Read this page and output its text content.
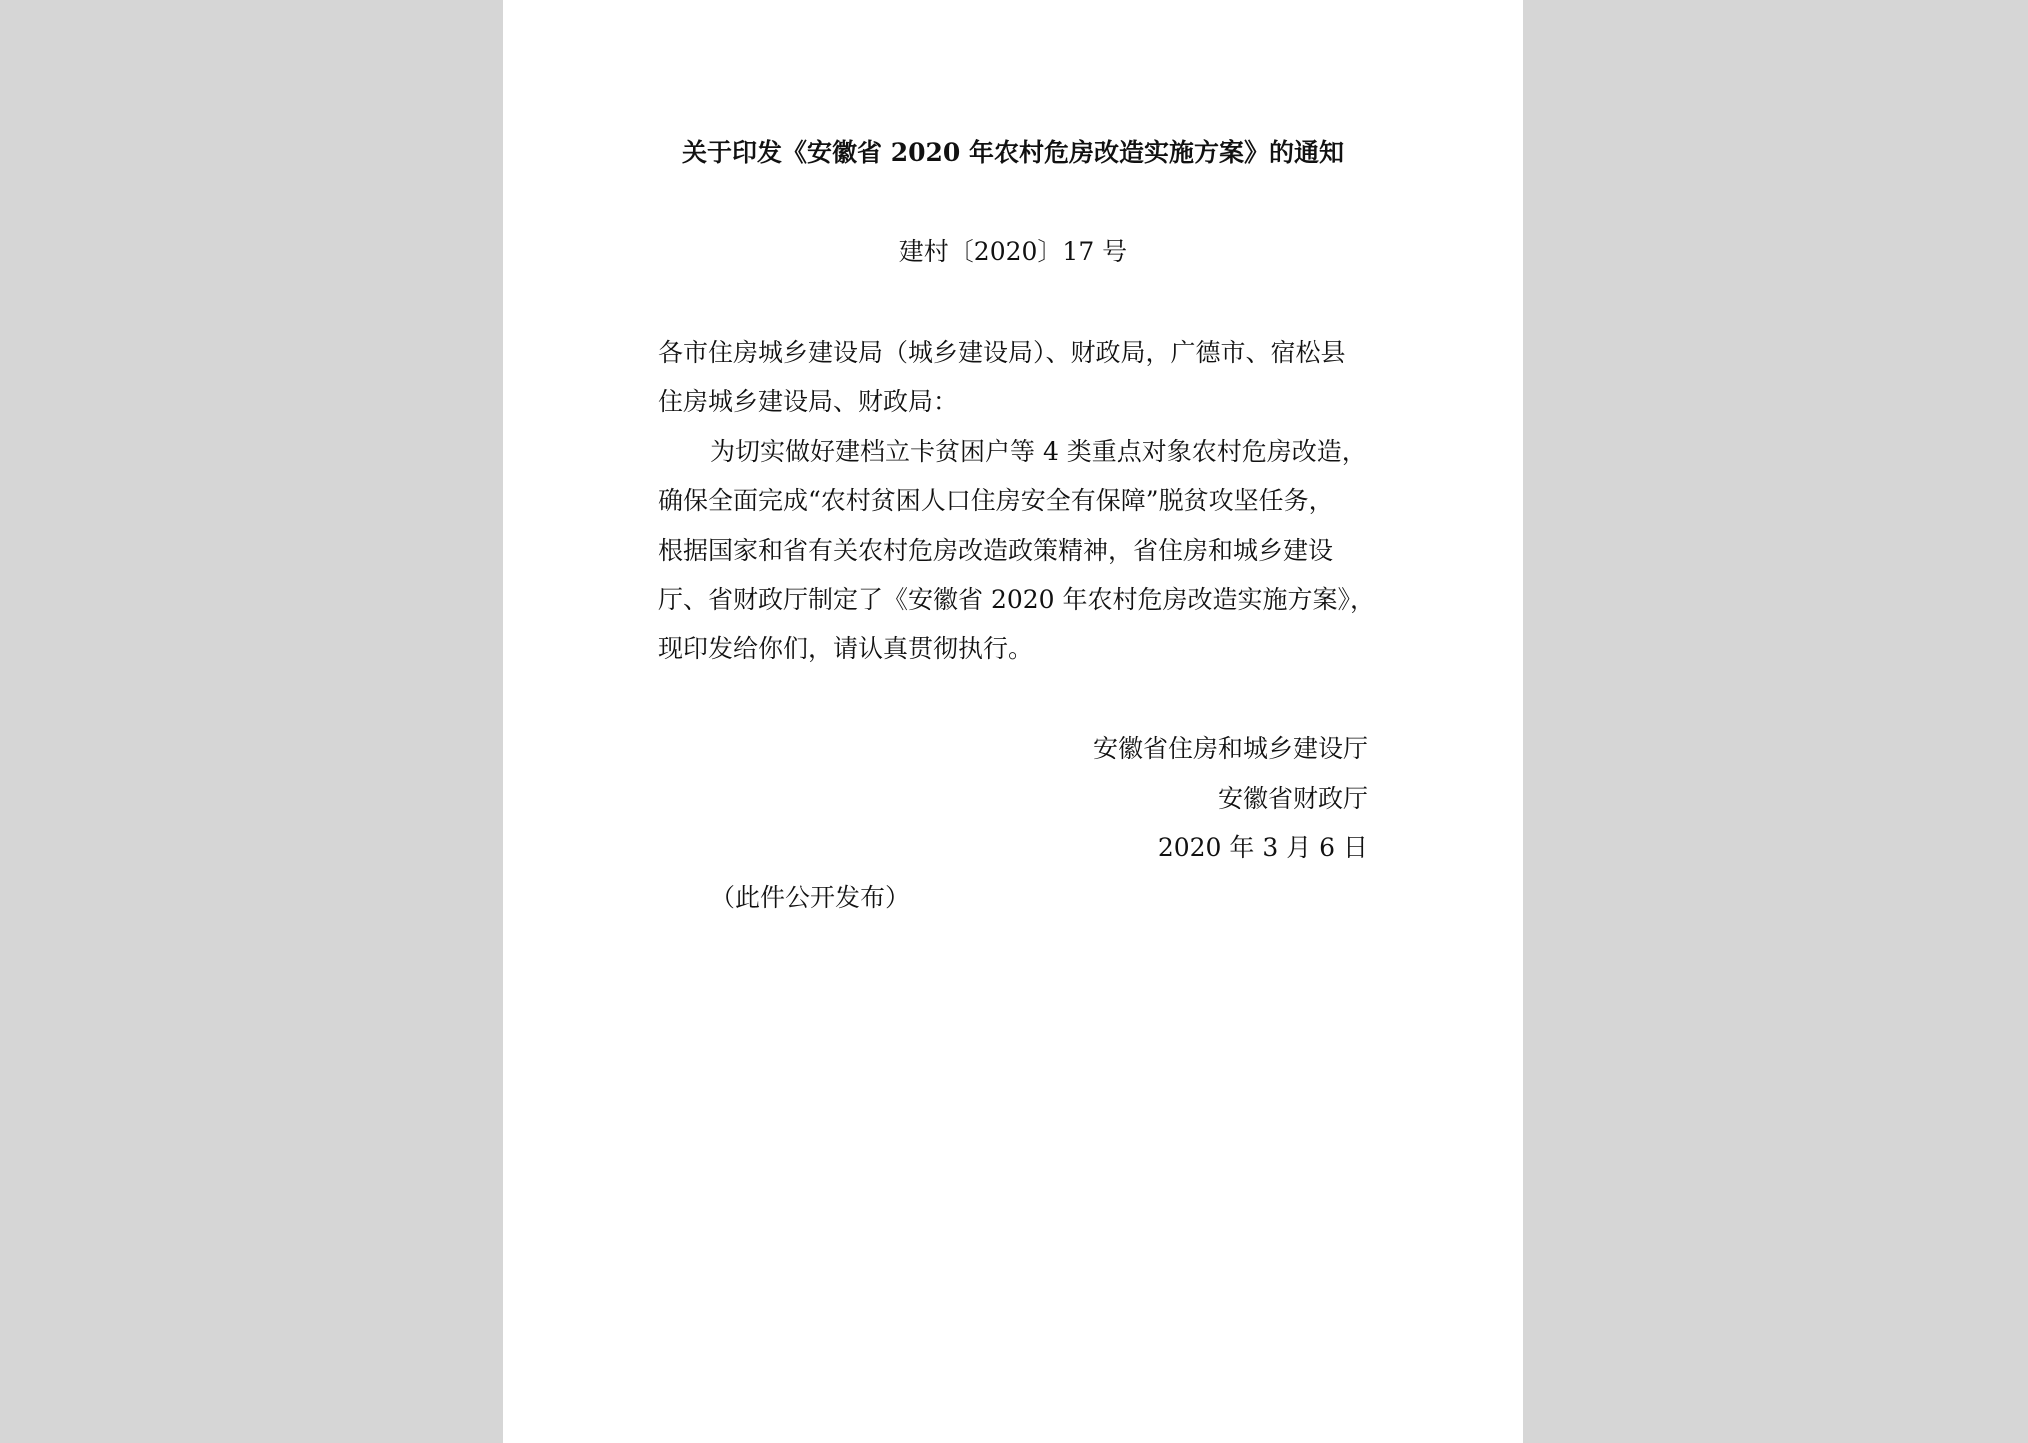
关于印发《安徽省 2020 年农村危房改造实施方案》的通知
建村〔2020〕17 号
各市住房城乡建设局（城乡建设局）、财政局，广德市、宿松县
住房城乡建设局、财政局：
为切实做好建档立卡贫困户等 4 类重点对象农村危房改造，
确保全面完成“农村贫困人口住房安全有保障”脱贫攻坚任务，
根据国家和省有关农村危房改造政策精神，省住房和城乡建设
厅、省财政厅制定了《安徽省 2020 年农村危房改造实施方案》，
现印发给你们，请认真贯彻执行。
安徽省住房和城乡建设厅
安徽省财政厅
2020 年 3 月 6 日
（此件公开发布）
